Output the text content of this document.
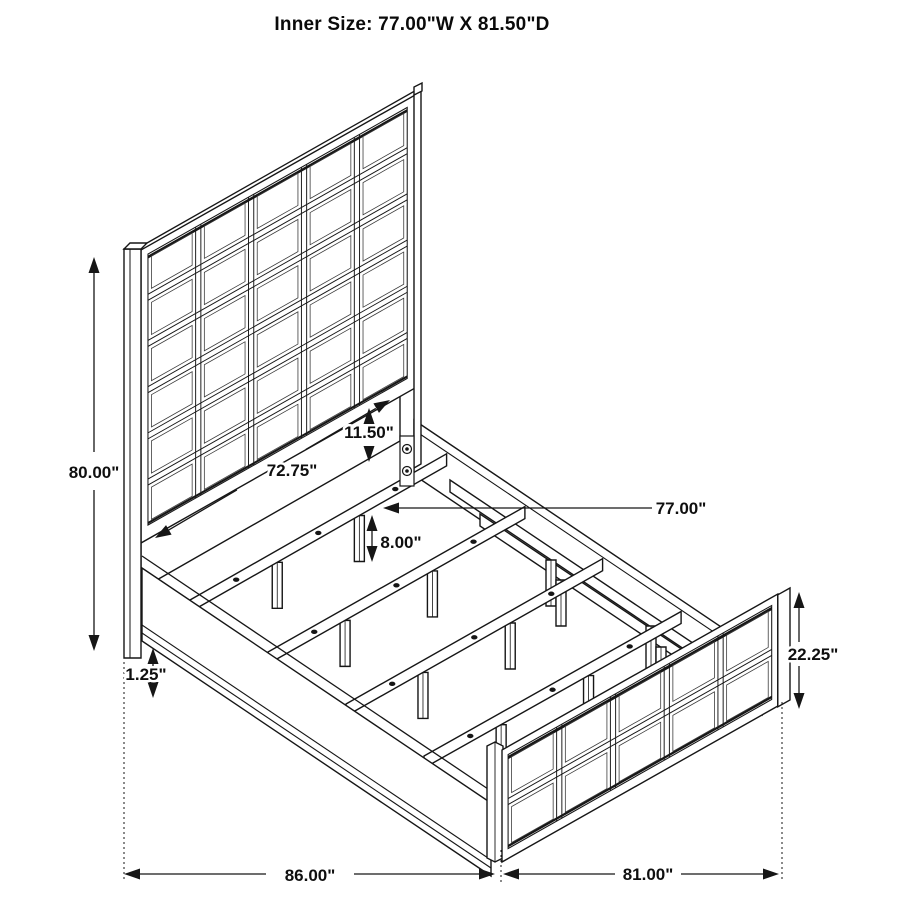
Inner Size: 77.00"W X 81.50"D
80.00"	72.75"
11.50"
77.00"
8.00"
1.25"
22.25"
86.00"	81.00"
